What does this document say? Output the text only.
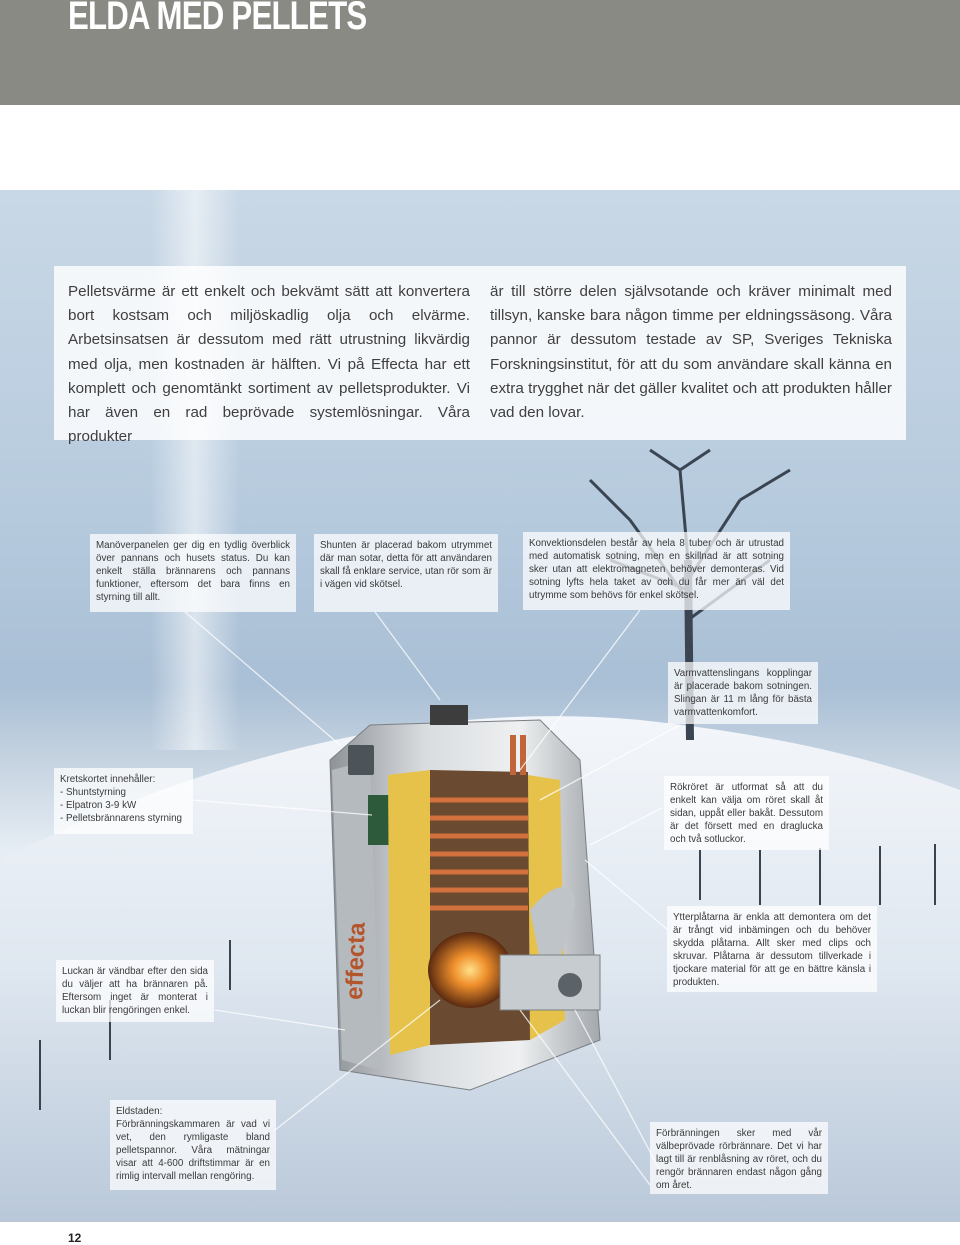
ELDA MED PELLETS
effecta
Pelletsvärme är ett enkelt och bekvämt sätt att konvertera bort kostsam och miljöskadlig olja och elvärme. Arbetsinsatsen är dessutom med rätt utrustning likvärdig med olja, men kostnaden är hälften. Vi på Effecta har ett komplett och genomtänkt sortiment av pelletsprodukter. Vi har även en rad beprövade systemlösningar. Våra produkter
är till större delen självsotande och kräver minimalt med tillsyn, kanske bara någon timme per eldningssäsong. Våra pannor är dessutom testade av SP, Sveriges Tekniska Forskningsinstitut, för att du som användare skall känna en extra trygghet när det gäller kvalitet och att produkten håller vad den lovar.
Manöverpanelen ger dig en tydlig överblick över pannans och husets status. Du kan enkelt ställa brännarens och pannans funktioner, eftersom det bara finns en styrning till allt.
Shunten är placerad bakom utrymmet där man sotar, detta för att användaren skall få enklare service, utan rör som är i vägen vid skötsel.
Konvektionsdelen består av hela 8 tuber och är utrustad med automatisk sotning, men en skillnad är att sotning sker utan att elektromagneten behöver demonteras. Vid sotning lyfts hela taket av och du får mer än väl det utrymme som behövs för enkel skötsel.
Varmvattenslingans kopplingar är placerade bakom sotningen. Slingan är 11 m lång för bästa varmvattenkomfort.
Kretskortet innehåller:
- Shuntstyrning
- Elpatron 3-9 kW
- Pelletsbrännarens styrning
Rökröret är utformat så att du enkelt kan välja om röret skall åt sidan, uppåt eller bakåt. Dessutom är det försett med en draglucka och två sotluckor.
Ytterplåtarna är enkla att demontera om det är trångt vid inbämingen och du behöver skydda plåtarna. Allt sker med clips och skruvar. Plåtarna är dessutom tillverkade i tjockare material för att ge en bättre känsla i produkten.
Luckan är vändbar efter den sida du väljer att ha brännaren på. Eftersom inget är monterat i luckan blir rengöringen enkel.
Eldstaden:
Förbränningskammaren är vad vi vet, den rymligaste bland pelletspannor. Våra mätningar visar att 4-600 driftstimmar är en rimlig intervall mellan rengöring.
Förbränningen sker med vår välbeprövade rörbrännare. Det vi har lagt till är renblåsning av röret, och du rengör brännaren endast någon gång om året.
12
